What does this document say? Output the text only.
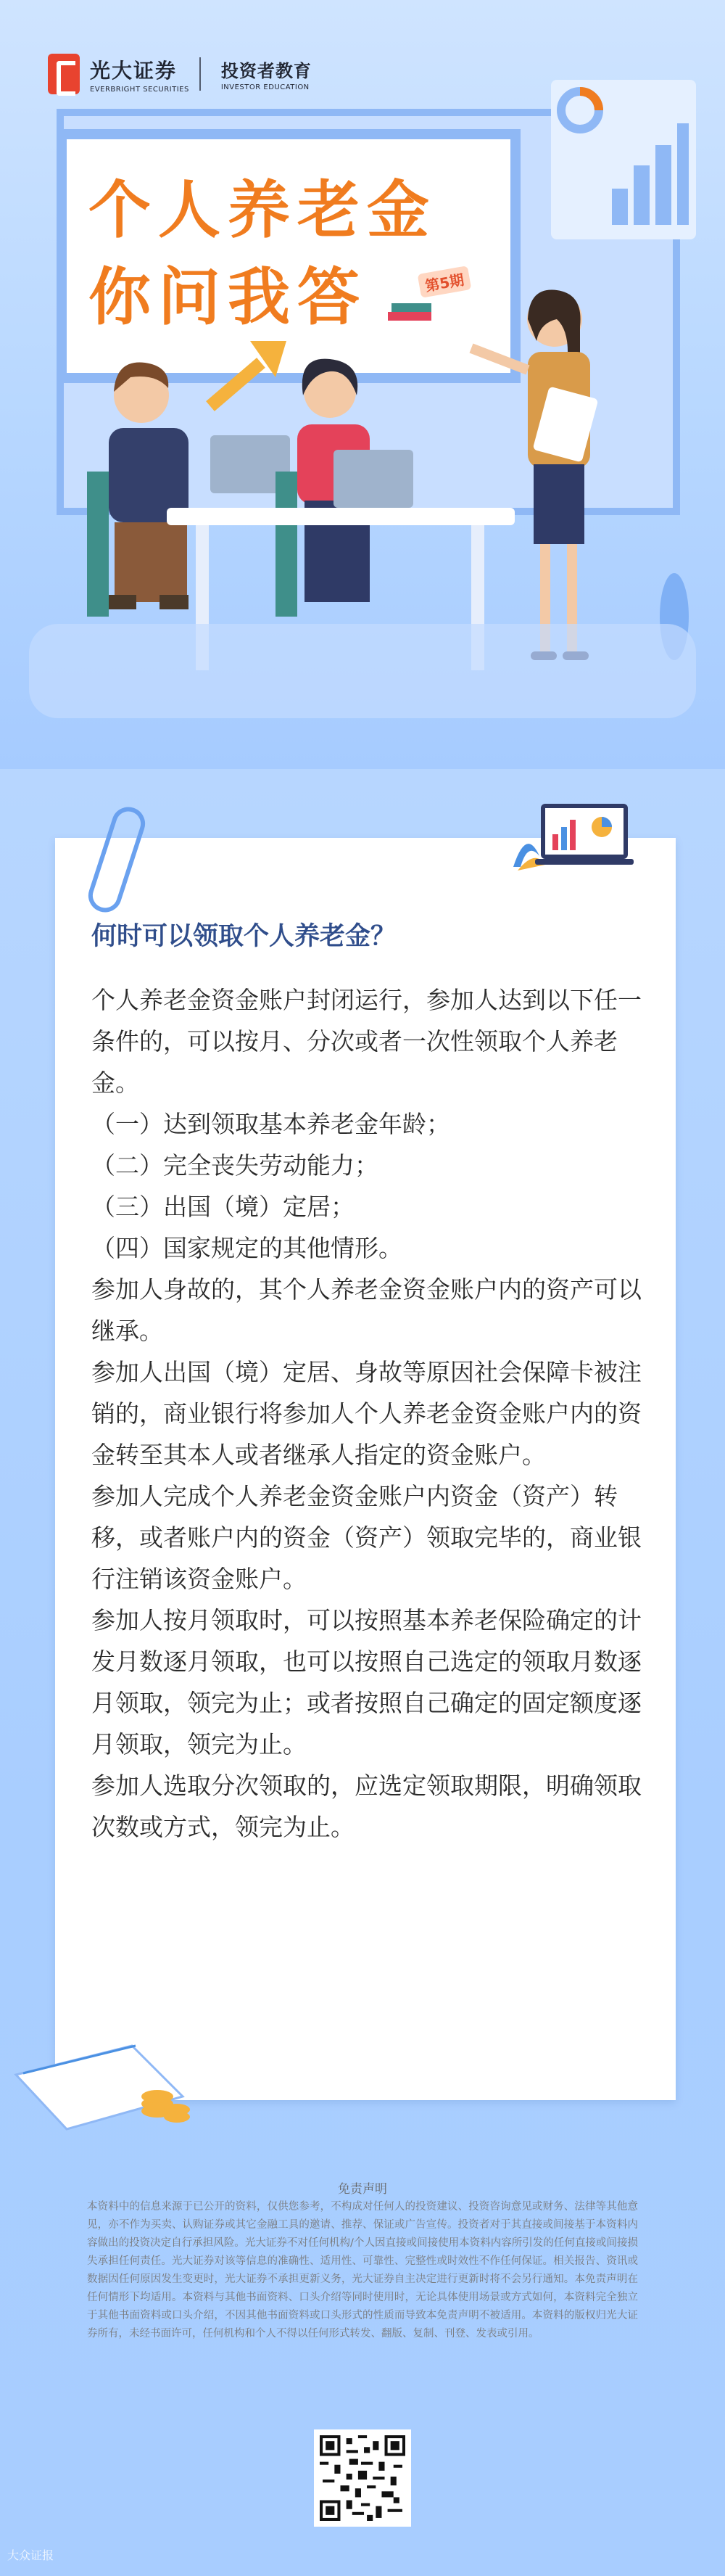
光大证券
EVERBRIGHT SECURITIES
投资者教育
INVESTOR EDUCATION
个人养老金
你问我答	第5期
何时可以领取个人养老金？

个人养老金资金账户封闭运行，参加人达到以下任一条件的，可以按月、分次或者一次性领取个人养老金。

（一）达到领取基本养老金年龄；

（二）完全丧失劳动能力；

（三）出国（境）定居；

（四）国家规定的其他情形。

参加人身故的，其个人养老金资金账户内的资产可以继承。

参加人出国（境）定居、身故等原因社会保障卡被注销的，商业银行将参加人个人养老金资金账户内的资金转至其本人或者继承人指定的资金账户。

参加人完成个人养老金资金账户内资金（资产）转移，或者账户内的资金（资产）领取完毕的，商业银行注销该资金账户。

参加人按月领取时，可以按照基本养老保险确定的计发月数逐月领取，也可以按照自己选定的领取月数逐月领取，领完为止；或者按照自己确定的固定额度逐月领取，领完为止。

参加人选取分次领取的，应选定领取期限，明确领取次数或方式，领完为止。

免责声明
本资料中的信息来源于已公开的资料，仅供您参考，不构成对任何人的投资建议、投资咨询意见或财务、法律等其他意见，亦不作为买卖、认购证券或其它金融工具的邀请、推荐、保证或广告宣传。投资者对于其直接或间接基于本资料内容做出的投资决定自行承担风险。光大证券不对任何机构/个人因直接或间接使用本资料内容所引发的任何直接或间接损失承担任何责任。光大证券对该等信息的准确性、适用性、可靠性、完整性或时效性不作任何保证。相关报告、资讯或数据因任何原因发生变更时，光大证券不承担更新义务，光大证券自主决定进行更新时将不会另行通知。本免责声明在任何情形下均适用。本资料与其他书面资料、口头介绍等同时使用时，无论具体使用场景或方式如何，本资料完全独立于其他书面资料或口头介绍，不因其他书面资料或口头形式的性质而导致本免责声明不被适用。本资料的版权归光大证券所有，未经书面许可，任何机构和个人不得以任何形式转发、翻版、复制、刊登、发表或引用。
大众证报
